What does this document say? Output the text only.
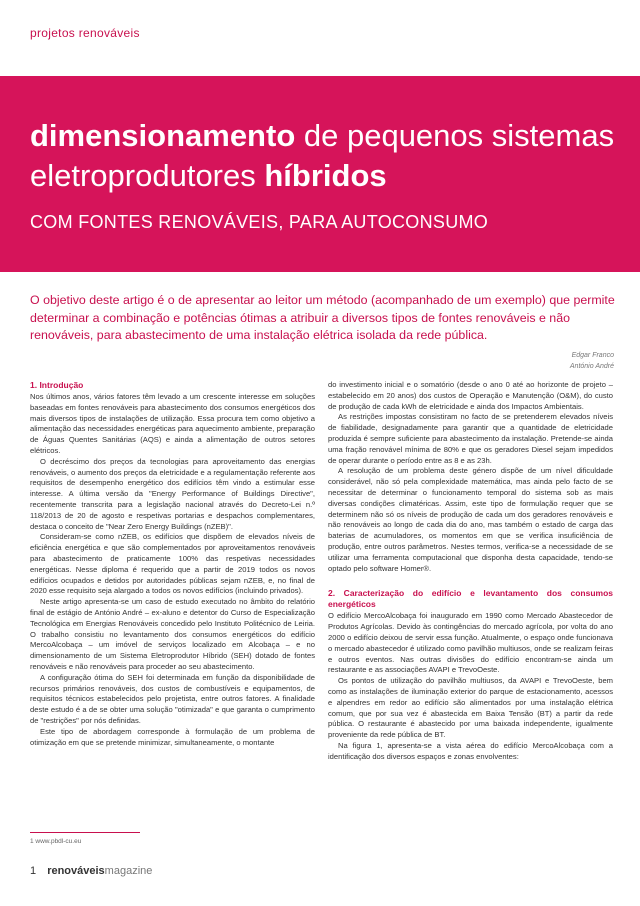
projetos renováveis
dimensionamento de pequenos sistemas eletroprodutores híbridos
COM FONTES RENOVÁVEIS, PARA AUTOCONSUMO

O objetivo deste artigo é o de apresentar ao leitor um método (acompanhado de um exemplo) que permite determinar a combinação e potências ótimas a atribuir a diversos tipos de fontes renováveis e não renováveis, para abastecimento de uma instalação elétrica isolada da rede pública.

Edgar Franco
António André
1. Introdução

Nos últimos anos, vários fatores têm levado a um crescente interesse em soluções baseadas em fontes renováveis para abastecimento dos consumos energéticos dos mais diversos tipos de instalações de utilização. Essa procura tem como objetivo a alimentação das necessidades energéticas para aquecimento ambiente, preparação de Águas Quentes Sanitárias (AQS) e ainda a alimentação de outros setores elétricos.

O decréscimo dos preços da tecnologias para aproveitamento das energias renováveis, o aumento dos preços da eletricidade e a regulamentação referente aos requisitos de desempenho energético dos edifícios têm vindo a estimular esse interesse. A última versão da "Energy Performance of Buildings Directive", recentemente transcrita para a legislação nacional através do Decreto-Lei n.º 118/2013 de 20 de agosto e respetivas portarias e despachos complementares, destaca o conceito de "Near Zero Energy Buildings (nZEB)".

Consideram-se como nZEB, os edifícios que dispõem de elevados níveis de eficiência energética e que são complementados por aproveitamentos renováveis para abastecimento de praticamente 100% das respetivas necessidades energéticas. Nesse diploma é requerido que a partir de 2019 todos os novos edifícios ocupados e detidos por autoridades públicas sejam nZEB, e, no final de 2020 esse requisito seja alargado a todos os novos edifícios (incluindo privados).

Neste artigo apresenta-se um caso de estudo executado no âmbito do relatório final de estágio de António André – ex-aluno e detentor do Curso de Especialização Tecnológica em Energias Renováveis concedido pelo Instituto Politécnico de Leiria. O trabalho consistiu no levantamento dos consumos energéticos do edifício MercoAlcobaça – um imóvel de serviços localizado em Alcobaça – e no dimensionamento de um Sistema Eletroprodutor Híbrido (SEH) dotado de fontes renováveis e não renováveis para proceder ao seu abastecimento.

A configuração ótima do SEH foi determinada em função da disponibilidade de recursos primários renováveis, dos custos de combustíveis e equipamentos, de requisitos técnicos estabelecidos pelo projetista, entre outros fatores. A finalidade deste estudo é a de se obter uma solução "otimizada" e que garanta o cumprimento de "restrições" por nós definidas.

Este tipo de abordagem corresponde à formulação de um problema de otimização em que se pretende minimizar, simultaneamente, o montante

do investimento inicial e o somatório (desde o ano 0 até ao horizonte de projeto – estabelecido em 20 anos) dos custos de Operação e Manutenção (O&M), do custo de produção de cada kWh de eletricidade e ainda dos Impactos Ambientais.

As restrições impostas consistiram no facto de se pretenderem elevados níveis de fiabilidade, designadamente para garantir que a quantidade de eletricidade produzida é sempre suficiente para abastecimento da instalação. Pretende-se ainda uma fração renovável mínima de 80% e que os geradores Diesel sejam impedidos de operar durante o período entre as 8 e as 23h.

A resolução de um problema deste género dispõe de um nível dificuldade considerável, não só pela complexidade matemática, mas ainda pelo facto de se necessitar de determinar o funcionamento temporal do sistema sob as mais diversas condições climatéricas. Assim, este tipo de formulação requer que se determinem não só os níveis de produção de cada um dos geradores renováveis e não renováveis ao longo de cada dia do ano, mas também o estado de carga das baterias de acumuladores, os momentos em que se verifica insuficiência de produção, entre outros parâmetros. Nestes termos, verifica-se a necessidade de se utilizar uma ferramenta computacional que disponha desta capacidade, tendo-se optado pelo software Homer®.

2. Caracterização do edifício e levantamento dos consumos energéticos

O edifício MercoAlcobaça foi inaugurado em 1990 como Mercado Abastecedor de Produtos Agrícolas. Devido às contingências do mercado agrícola, por volta do ano 2000 o edifício deixou de servir essa função. Atualmente, o espaço onde funcionava o mercado abastecedor é utilizado como pavilhão multiusos, onde se realizam feiras e outros eventos. Nas outras divisões do edifício encontram-se ainda um restaurante e as associações AVAPI e TrevoOeste.

Os pontos de utilização do pavilhão multiusos, da AVAPI e TrevoOeste, bem como as instalações de iluminação exterior do parque de estacionamento, acessos e alpendres em redor ao edifício são alimentados por uma instalação elétrica comum, que por sua vez é abastecida em Baixa Tensão (BT) a partir da rede pública. O restaurante é abastecido por uma baixada independente, igualmente proveniente da rede pública de BT.

Na figura 1, apresenta-se a vista aérea do edifício MercoAlcobaça com a identificação dos diversos espaços e zonas envolventes:

1 www.pbdl-cu.eu
1 renováveismagazine
